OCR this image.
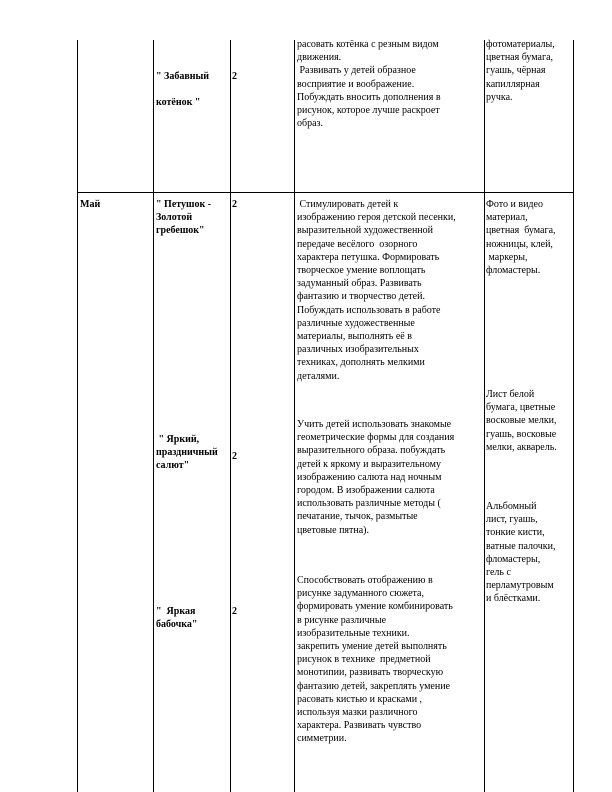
" Забавный

котёнок "
2
расовать котёнка с резным видом
движения.
Развивать у детей образное
восприятие и воображение.
Побуждать вносить дополнения в
рисунок, которое лучше раскроет
образ.
фотоматериалы,
цветная бумага,
гуашь, чёрная
капиллярная
ручка.
Май	" Петушок -
Золотой
гребешок"
2	Стимулировать детей к
изображению героя детской песенки,
выразительной художественной
передаче весёлого  озорного
характера петушка. Формировать
творческое умение воплощать
задуманный образ. Развивать
фантазию и творчество детей.
Побуждать использовать в работе
различные художественные
материалы, выполнять её в
различных изобразительных
техниках, дополнять мелкими
деталями.
Фото и видео
материал,
цветная  бумага,
ножницы, клей,
маркеры,
фломастеры.
" Яркий,
праздничный
салют"
2
Учить детей использовать знакомые
геометрические формы для создания
выразительного образа. побуждать
детей к яркому и выразительному
изображению салюта над ночным
городом. В изображении салюта
использовать различные методы (
печатание, тычок, размытые
цветовые пятна).
Лист белой
бумага, цветные
восковые мелки,
гуашь, восковые
мелки, акварель.
"  Яркая
бабочка"
2
Способствовать отображению в
рисунке задуманного сюжета,
формировать умение комбинировать
в рисунке различные
изобразительные техники.
закрепить умение детей выполнять
рисунок в технике  предметной
монотипии, развивать творческую
фантазию детей, закреплять умение
расовать кистью и красками ,
используя мазки различного
характера. Развивать чувство
симметрии.
Альбомный
лист, гуашь,
тонкие кисти,
ватные палочки,
фломастеры,
гель с
перламутровым
и блёстками.
